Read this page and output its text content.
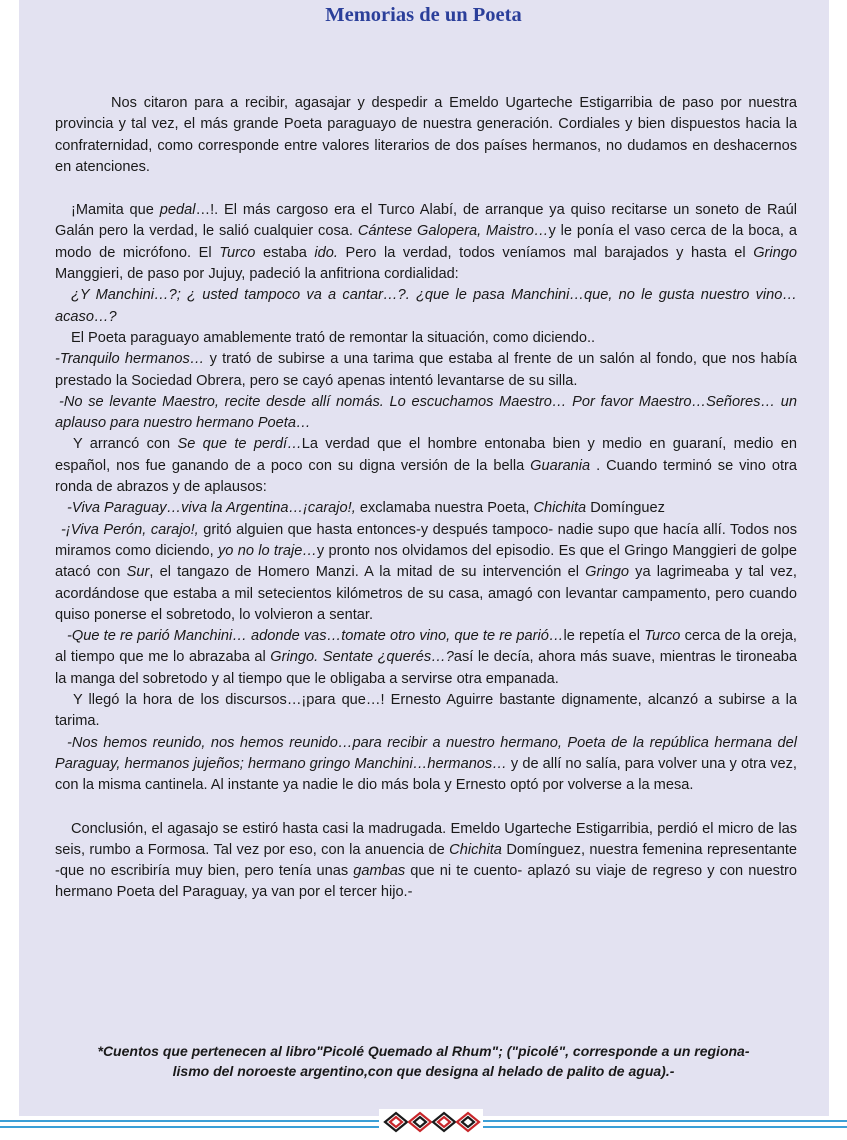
Memorias de un Poeta

Nos citaron para a recibir, agasajar y despedir a Emeldo Ugarteche Estigarribia de paso por nuestra provincia y tal vez, el más grande Poeta paraguayo de nuestra generación. Cordiales y bien dispuestos hacia la confraternidad, como corresponde entre valores literarios de dos países hermanos, no dudamos en deshacernos en atenciones.

¡Mamita que pedal…!. El más cargoso era el Turco Alabí, de arranque ya quiso recitarse un soneto de Raúl Galán pero la verdad, le salió cualquier cosa. Cántese Galopera, Maistro…y le ponía el vaso cerca de la boca, a modo de micrófono. El Turco estaba ido. Pero la verdad, todos veníamos mal barajados y hasta el Gringo Manggieri, de paso por Jujuy, padeció la anfitriona cordialidad:

¿Y Manchini…?; ¿ usted tampoco va a cantar…?. ¿que le pasa Manchini…que, no le gusta nuestro vino… acaso…?

El Poeta paraguayo amablemente trató de remontar la situación, como diciendo..

-Tranquilo hermanos… y trató de subirse a una tarima que estaba al frente de un salón al fondo, que nos había prestado la Sociedad Obrera, pero se cayó apenas intentó levantarse de su silla.

-No se levante Maestro, recite desde allí nomás. Lo escuchamos Maestro… Por favor Maestro…Señores… un aplauso para nuestro hermano Poeta…

Y arrancó con Se que te perdí…La verdad que el hombre entonaba bien y medio en guaraní, medio en español, nos fue ganando de a poco con su digna versión de la bella Guarania . Cuando terminó se vino otra ronda de abrazos y de aplausos:

-Viva Paraguay…viva la Argentina…¡carajo!, exclamaba nuestra Poeta, Chichita Domínguez

-¡Viva Perón, carajo!, gritó alguien que hasta entonces-y después tampoco- nadie supo que hacía allí. Todos nos miramos como diciendo, yo no lo traje…y pronto nos olvidamos del episodio. Es que el Gringo Manggieri de golpe atacó con Sur, el tangazo de Homero Manzi. A la mitad de su intervención el Gringo ya lagrimeaba y tal vez, acordándose que estaba a mil setecientos kilómetros de su casa, amagó con levantar campamento, pero cuando quiso ponerse el sobretodo, lo volvieron a sentar.

-Que te re parió Manchini… adonde vas…tomate otro vino, que te re parió…le repetía el Turco cerca de la oreja, al tiempo que me lo abrazaba al Gringo. Sentate ¿querés…?así le decía, ahora más suave, mientras le tironeaba la manga del sobretodo y al tiempo que le obligaba a servirse otra empanada.

Y llegó la hora de los discursos…¡para que…! Ernesto Aguirre bastante dignamente, alcanzó a subirse a la tarima.

-Nos hemos reunido, nos hemos reunido…para recibir a nuestro hermano, Poeta de la república hermana del Paraguay, hermanos jujeños; hermano gringo Manchini…hermanos… y de allí no salía, para volver una y otra vez, con la misma cantinela. Al instante ya nadie le dio más bola y Ernesto optó por volverse a la mesa.

Conclusión, el agasajo se estiró hasta casi la madrugada. Emeldo Ugarteche Estigarribia, perdió el micro de las seis, rumbo a Formosa. Tal vez por eso, con la anuencia de Chichita Domínguez, nuestra femenina representante -que no escribiría muy bien, pero tenía unas gambas que ni te cuento- aplazó su viaje de regreso y con nuestro hermano Poeta del Paraguay, ya van por el tercer hijo.-

*Cuentos que pertenecen al libro"Picolé Quemado al Rhum"; ("picolé", corresponde a un regiona-
lismo del noroeste argentino,con que designa al helado de palito de agua).-
